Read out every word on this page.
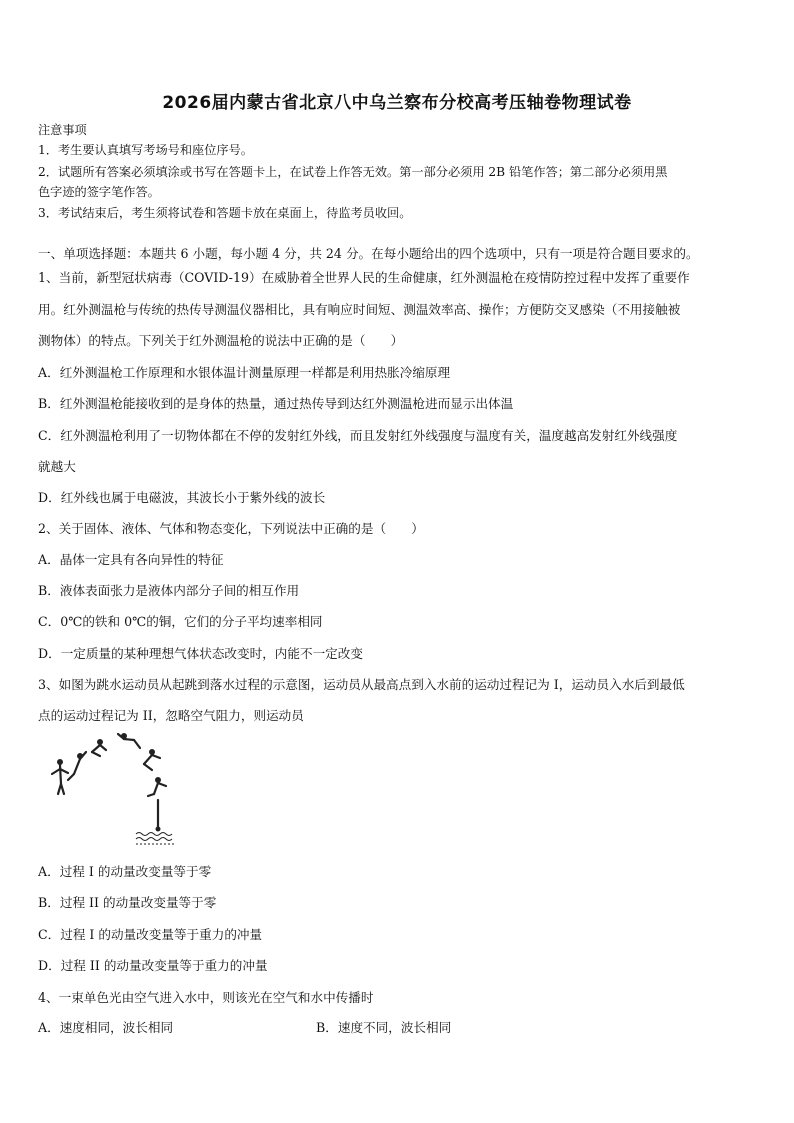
2026届内蒙古省北京八中乌兰察布分校高考压轴卷物理试卷
注意事项
1．考生要认真填写考场号和座位序号。
2．试题所有答案必须填涂或书写在答题卡上，在试卷上作答无效。第一部分必须用 2B 铅笔作答；第二部分必须用黑
色字迹的签字笔作答。
3．考试结束后，考生须将试卷和答题卡放在桌面上，待监考员收回。
一、单项选择题：本题共 6 小题，每小题 4 分，共 24 分。在每小题给出的四个选项中，只有一项是符合题目要求的。
1、当前，新型冠状病毒（COVID-19）在威胁着全世界人民的生命健康，红外测温枪在疫情防控过程中发挥了重要作
用。红外测温枪与传统的热传导测温仪器相比，具有响应时间短、测温效率高、操作；方便防交叉感染（不用接触被
测物体）的特点。下列关于红外测温枪的说法中正确的是（　　）
A．红外测温枪工作原理和水银体温计测量原理一样都是利用热胀冷缩原理
B．红外测温枪能接收到的是身体的热量，通过热传导到达红外测温枪进而显示出体温
C．红外测温枪利用了一切物体都在不停的发射红外线，而且发射红外线强度与温度有关，温度越高发射红外线强度
就越大
D．红外线也属于电磁波，其波长小于紫外线的波长
2、关于固体、液体、气体和物态变化，下列说法中正确的是（　　）
A．晶体一定具有各向异性的特征
B．液体表面张力是液体内部分子间的相互作用
C．0℃的铁和 0℃的铜，它们的分子平均速率相同
D．一定质量的某种理想气体状态改变时，内能不一定改变
3、如图为跳水运动员从起跳到落水过程的示意图，运动员从最高点到入水前的运动过程记为 I，运动员入水后到最低
点的运动过程记为 II，忽略空气阻力，则运动员
A．过程 I 的动量改变量等于零
B．过程 II 的动量改变量等于零
C．过程 I 的动量改变量等于重力的冲量
D．过程 II 的动量改变量等于重力的冲量
4、一束单色光由空气进入水中，则该光在空气和水中传播时
A．速度相同，波长相同	B．速度不同，波长相同
